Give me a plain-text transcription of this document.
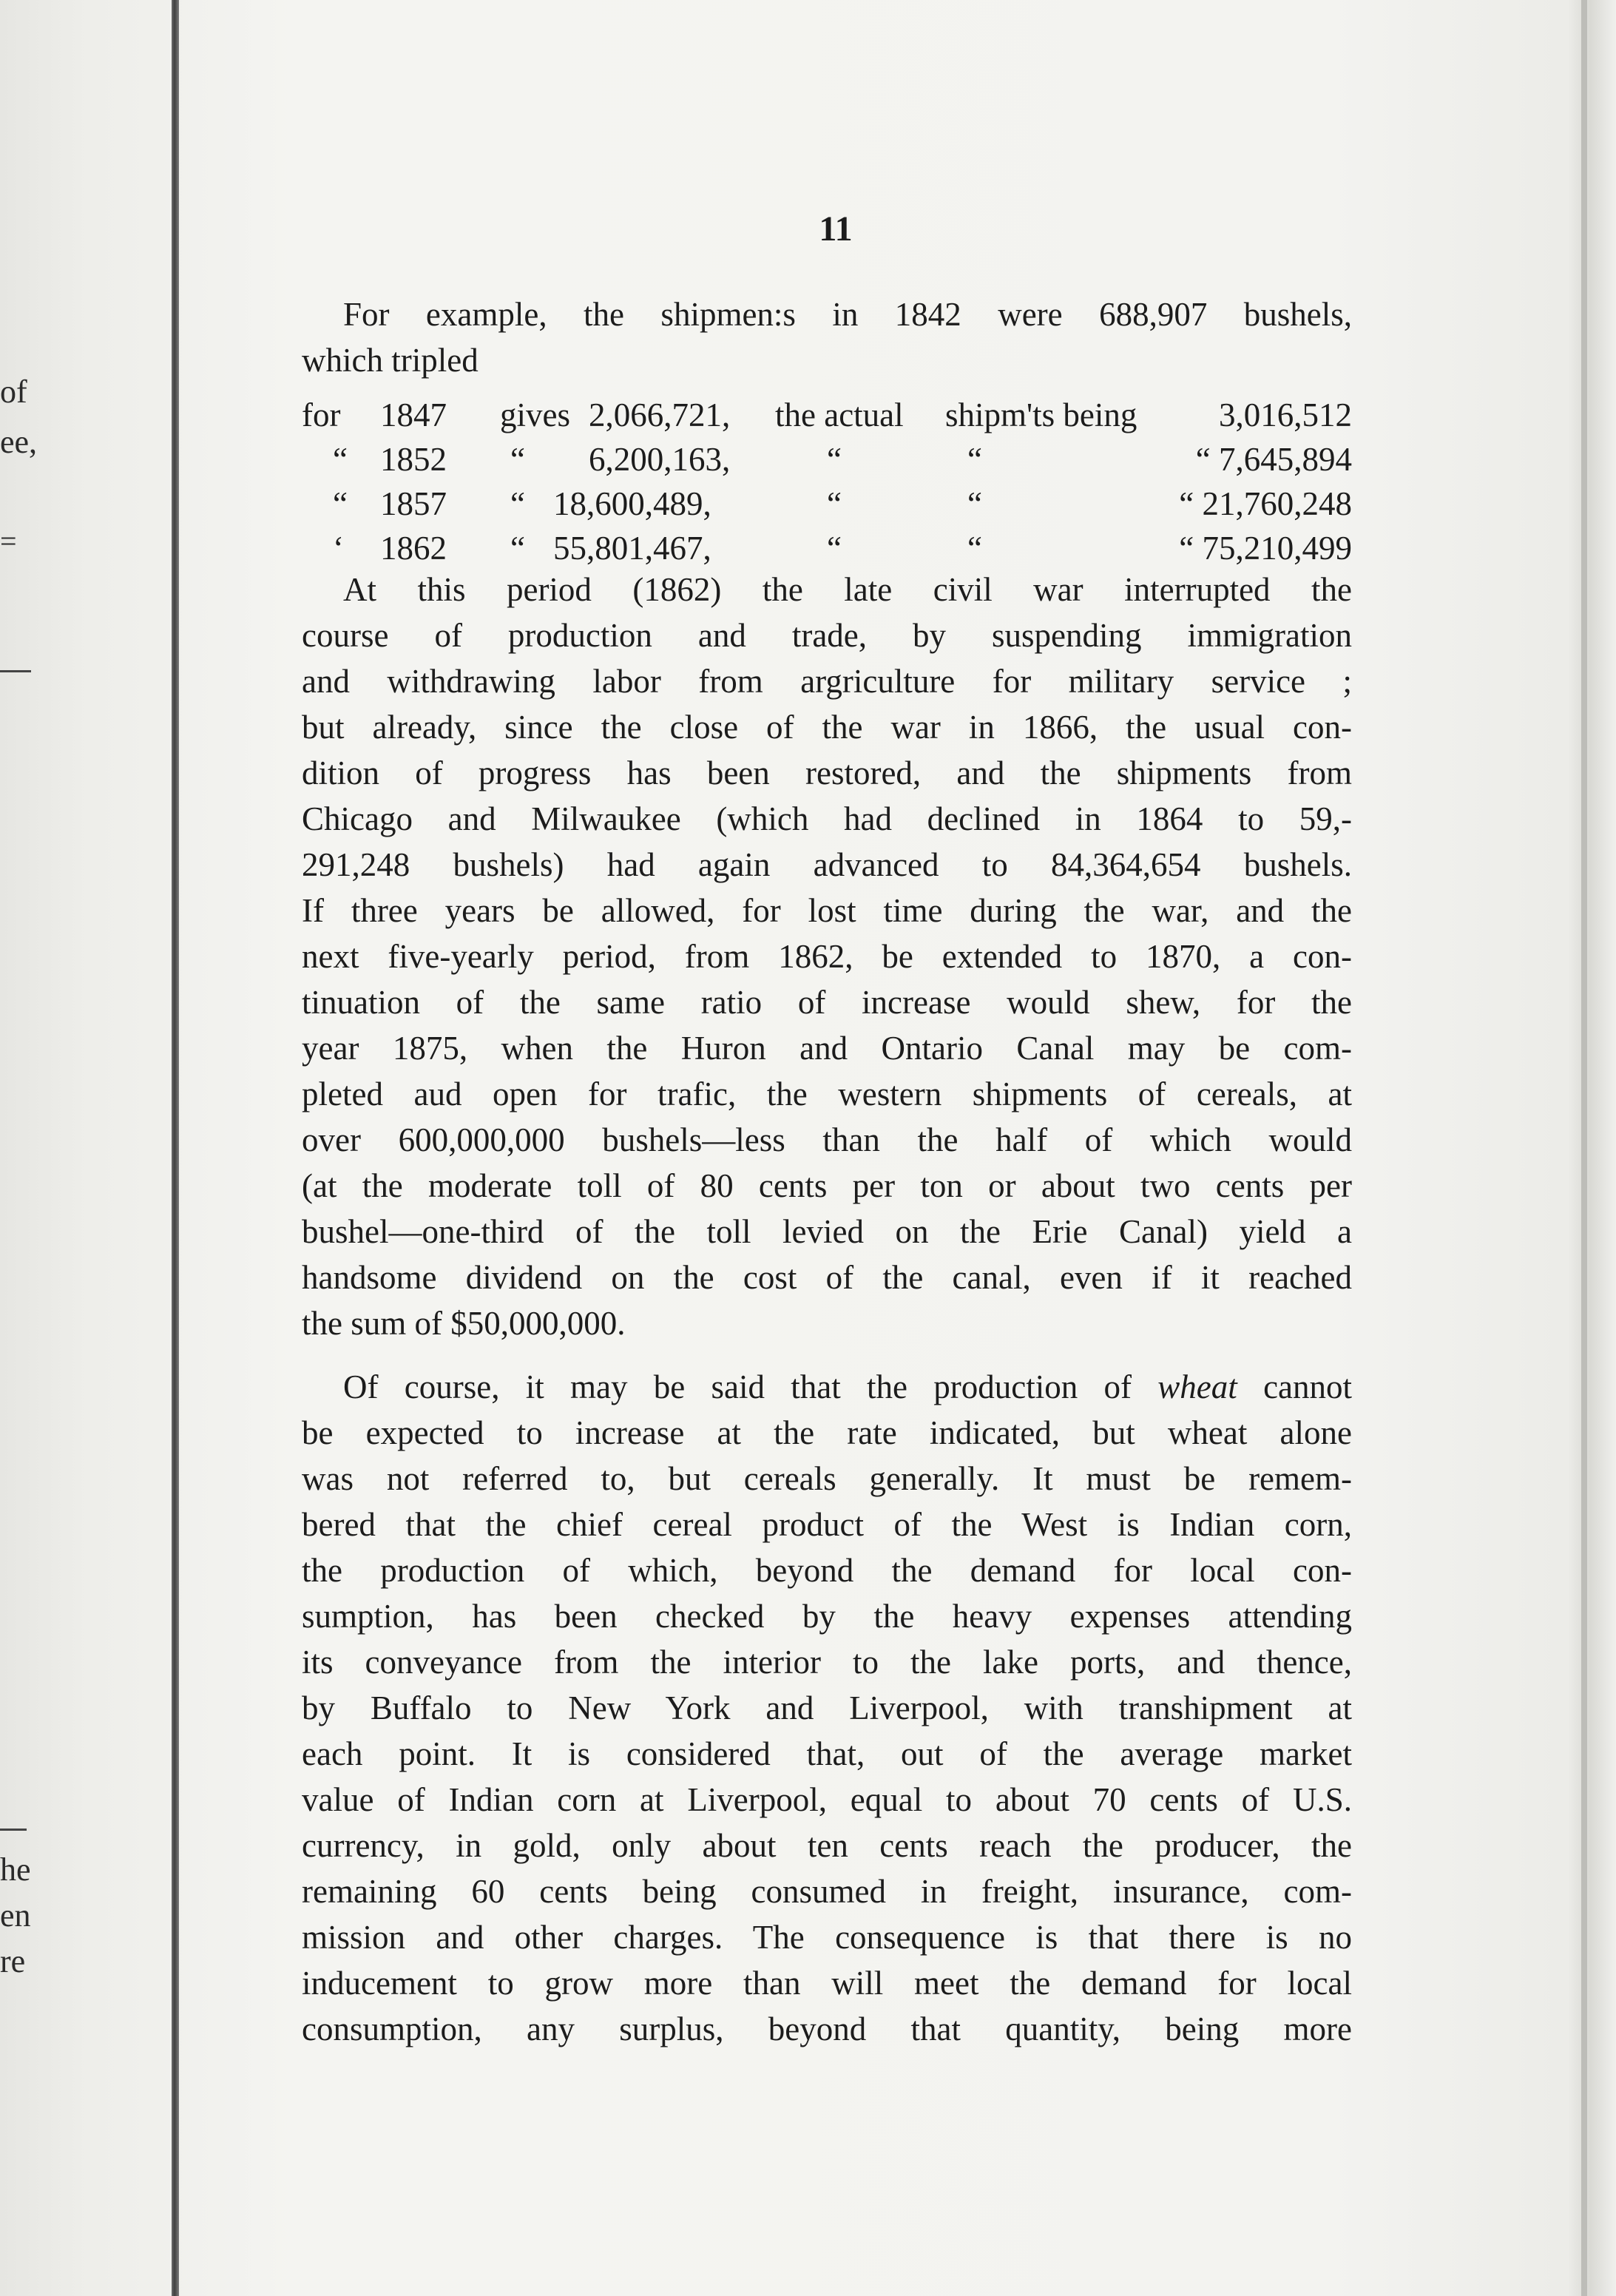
of
ee,
=
he
en
re
11
For example, the shipmen:s in 1842 were 688,907 bushels,
which tripled
for 1847 gives 2,066,721, the actual shipm'ts being 3,016,512
“ 1852 “ 6,200,163,	“	“	“ 7,645,894
“ 1857 “ 18,600,489,	“	“	“ 21,760,248
‘ 1862 “ 55,801,467,	“	“	“ 75,210,499
At this period (1862) the late civil war interrupted the
course of production and trade, by suspending immigration
and withdrawing labor from argriculture for military service ;
but already, since the close of the war in 1866, the usual con-
dition of progress has been restored, and the shipments from
Chicago and Milwaukee (which had declined in 1864 to 59,-
291,248 bushels) had again advanced to 84,364,654 bushels.
If three years be allowed, for lost time during the war, and the
next five-yearly period, from 1862, be extended to 1870, a con-
tinuation of the same ratio of increase would shew, for the
year 1875, when the Huron and Ontario Canal may be com-
pleted aud open for trafic, the western shipments of cereals, at
over 600,000,000 bushels—less than the half of which would
(at the moderate toll of 80 cents per ton or about two cents per
bushel—one-third of the toll levied on the Erie Canal) yield a
handsome dividend on the cost of the canal, even if it reached
the sum of $50,000,000.
Of course, it may be said that the production of wheat cannot
be expected to increase at the rate indicated, but wheat alone
was not referred to, but cereals generally. It must be remem-
bered that the chief cereal product of the West is Indian corn,
the production of which, beyond the demand for local con-
sumption, has been checked by the heavy expenses attending
its conveyance from the interior to the lake ports, and thence,
by Buffalo to New York and Liverpool, with transhipment at
each point. It is considered that, out of the average market
value of Indian corn at Liverpool, equal to about 70 cents of U.S.
currency, in gold, only about ten cents reach the producer, the
remaining 60 cents being consumed in freight, insurance, com-
mission and other charges. The consequence is that there is no
inducement to grow more than will meet the demand for local
consumption, any surplus, beyond that quantity, being more
